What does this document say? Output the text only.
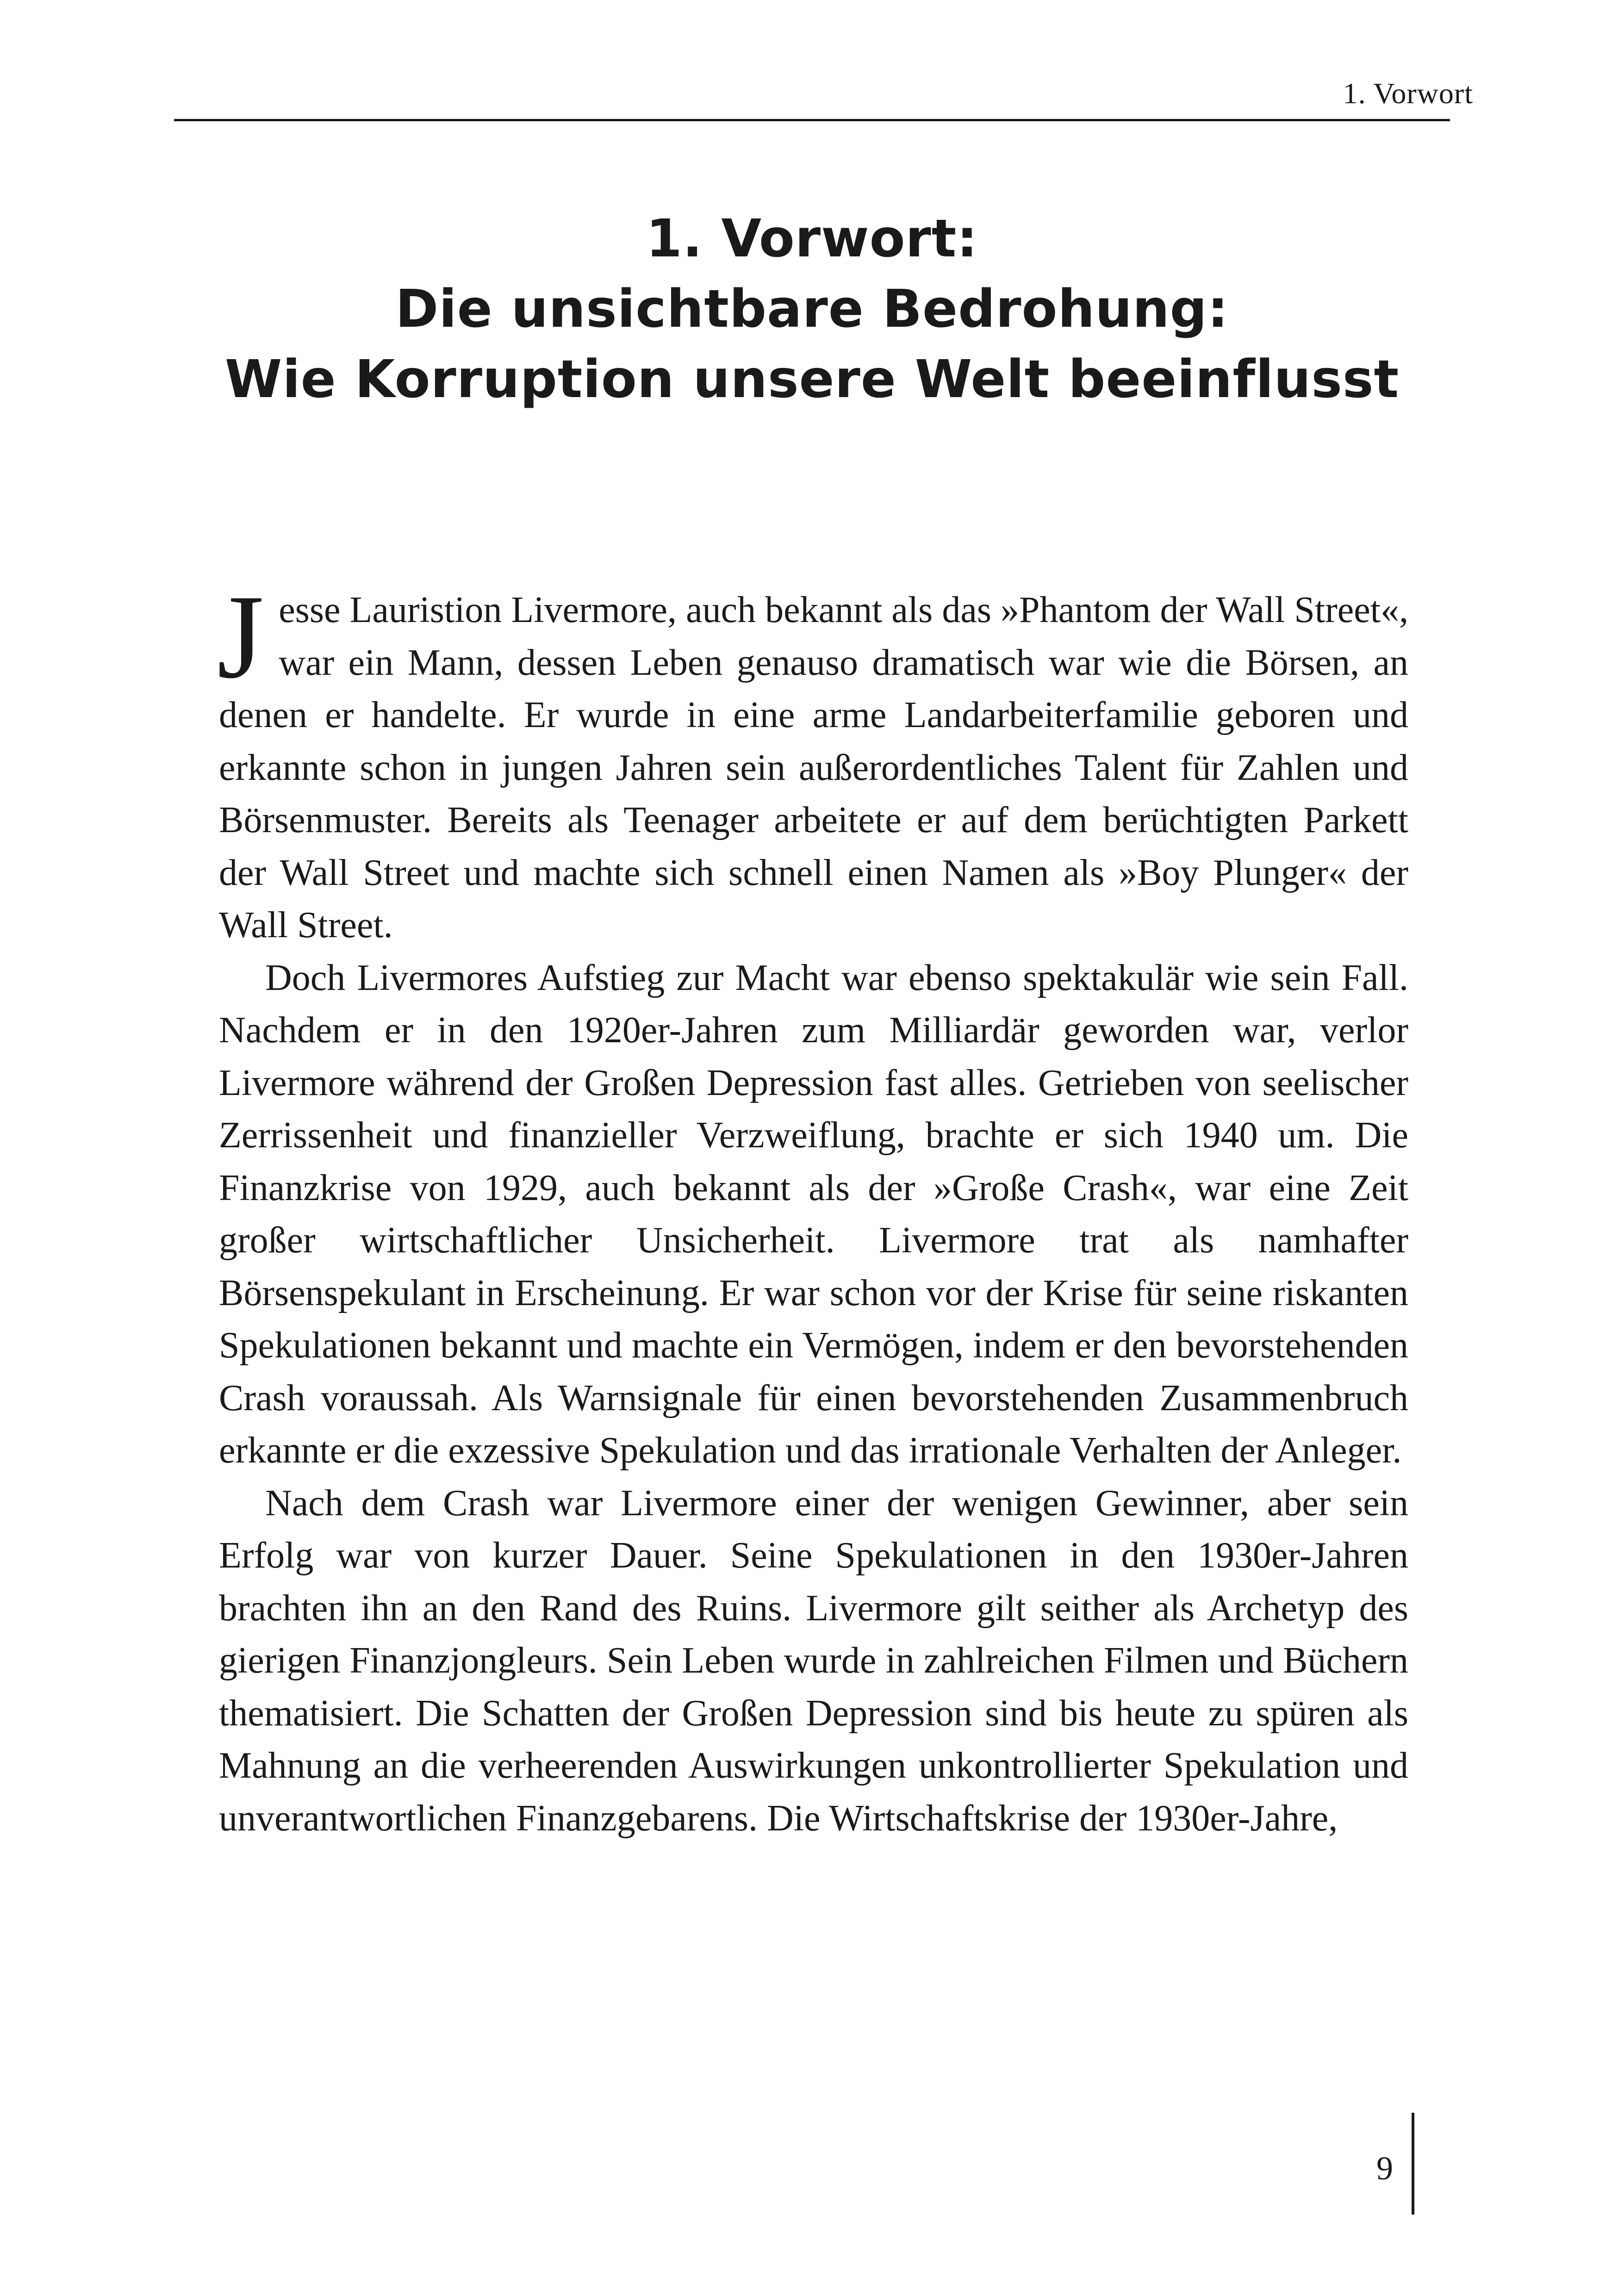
1. Vorwort
1. Vorwort:
Die unsichtbare Bedrohung:
Wie Korruption unsere Welt beeinflusst

Jesse Lauristion Livermore, auch bekannt als das »Phantom der Wall Street«, war ein Mann, dessen Leben genauso dramatisch war wie die Börsen, an denen er handelte. Er wurde in eine arme Landarbeiterfamilie geboren und erkannte schon in jungen Jahren sein außerordentliches Talent für Zahlen und Börsenmuster. Bereits als Teenager arbeitete er auf dem berüchtigten Parkett der Wall Street und machte sich schnell einen Namen als »Boy Plunger« der Wall Street.

Doch Livermores Aufstieg zur Macht war ebenso spektakulär wie sein Fall. Nachdem er in den 1920er-Jahren zum Milliardär geworden war, verlor Livermore während der Großen Depression fast alles. Getrieben von seelischer Zerrissenheit und finanzieller Verzweiflung, brachte er sich 1940 um. Die Finanzkrise von 1929, auch bekannt als der »Große Crash«, war eine Zeit großer wirtschaftlicher Unsicherheit. Livermore trat als namhafter Börsenspekulant in Erscheinung. Er war schon vor der Krise für seine riskanten Spekulationen bekannt und machte ein Vermögen, indem er den bevorstehenden Crash voraussah. Als Warnsignale für einen bevorstehenden Zusammenbruch erkannte er die exzessive Spekulation und das irrationale Verhalten der Anleger.

Nach dem Crash war Livermore einer der wenigen Gewinner, aber sein Erfolg war von kurzer Dauer. Seine Spekulationen in den 1930er-Jahren brachten ihn an den Rand des Ruins. Livermore gilt seither als Archetyp des gierigen Finanzjongleurs. Sein Leben wurde in zahlreichen Filmen und Büchern thematisiert. Die Schatten der Großen Depression sind bis heute zu spüren als Mahnung an die verheerenden Auswirkungen unkontrollierter Spekulation und unverantwortlichen Finanzgebarens. Die Wirtschaftskrise der 1930er-Jahre,

9
